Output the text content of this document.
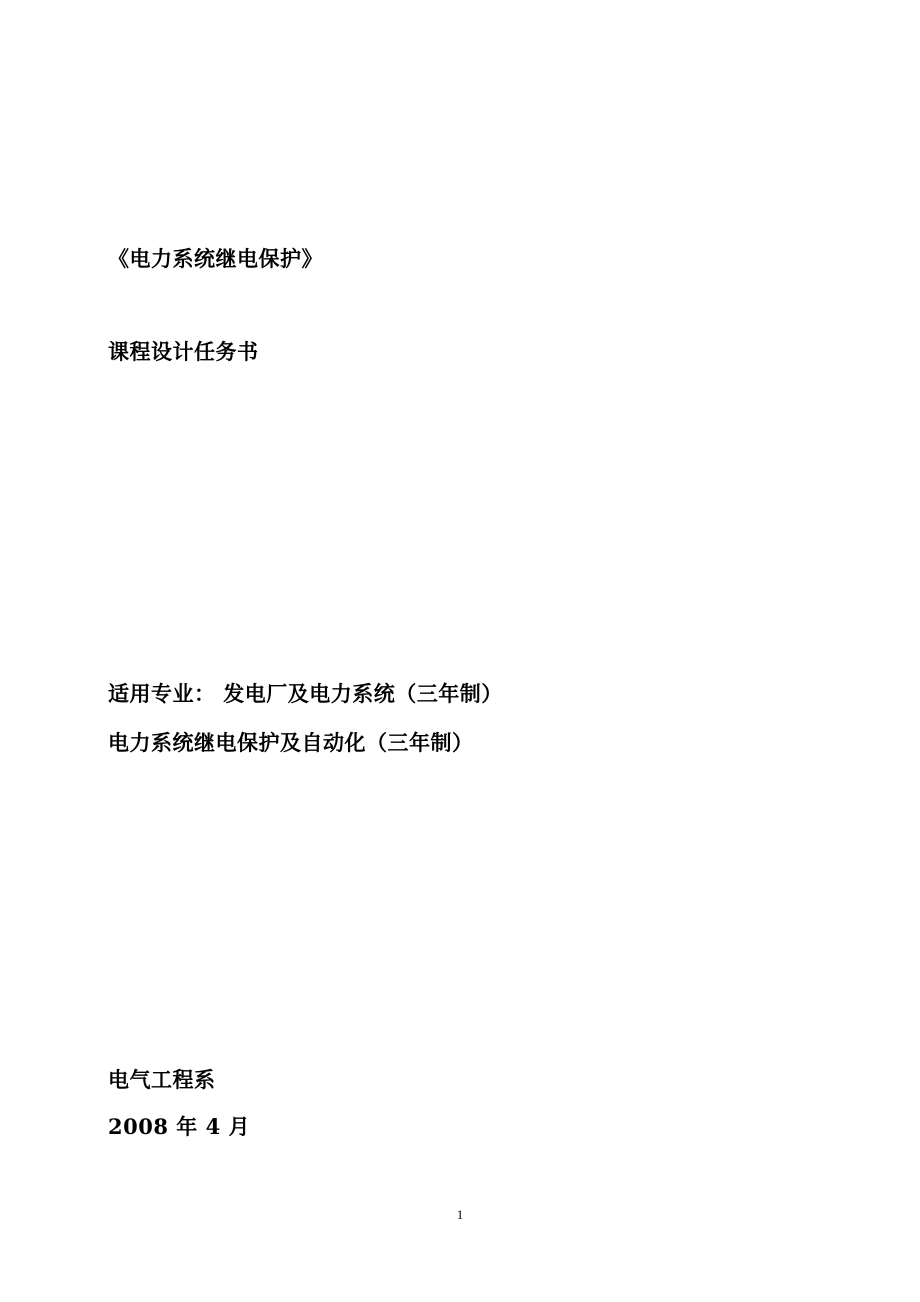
《电力系统继电保护》
课程设计任务书
适用专业： 发电厂及电力系统（三年制）
电力系统继电保护及自动化（三年制）
电气工程系
2008 年 4 月
1
